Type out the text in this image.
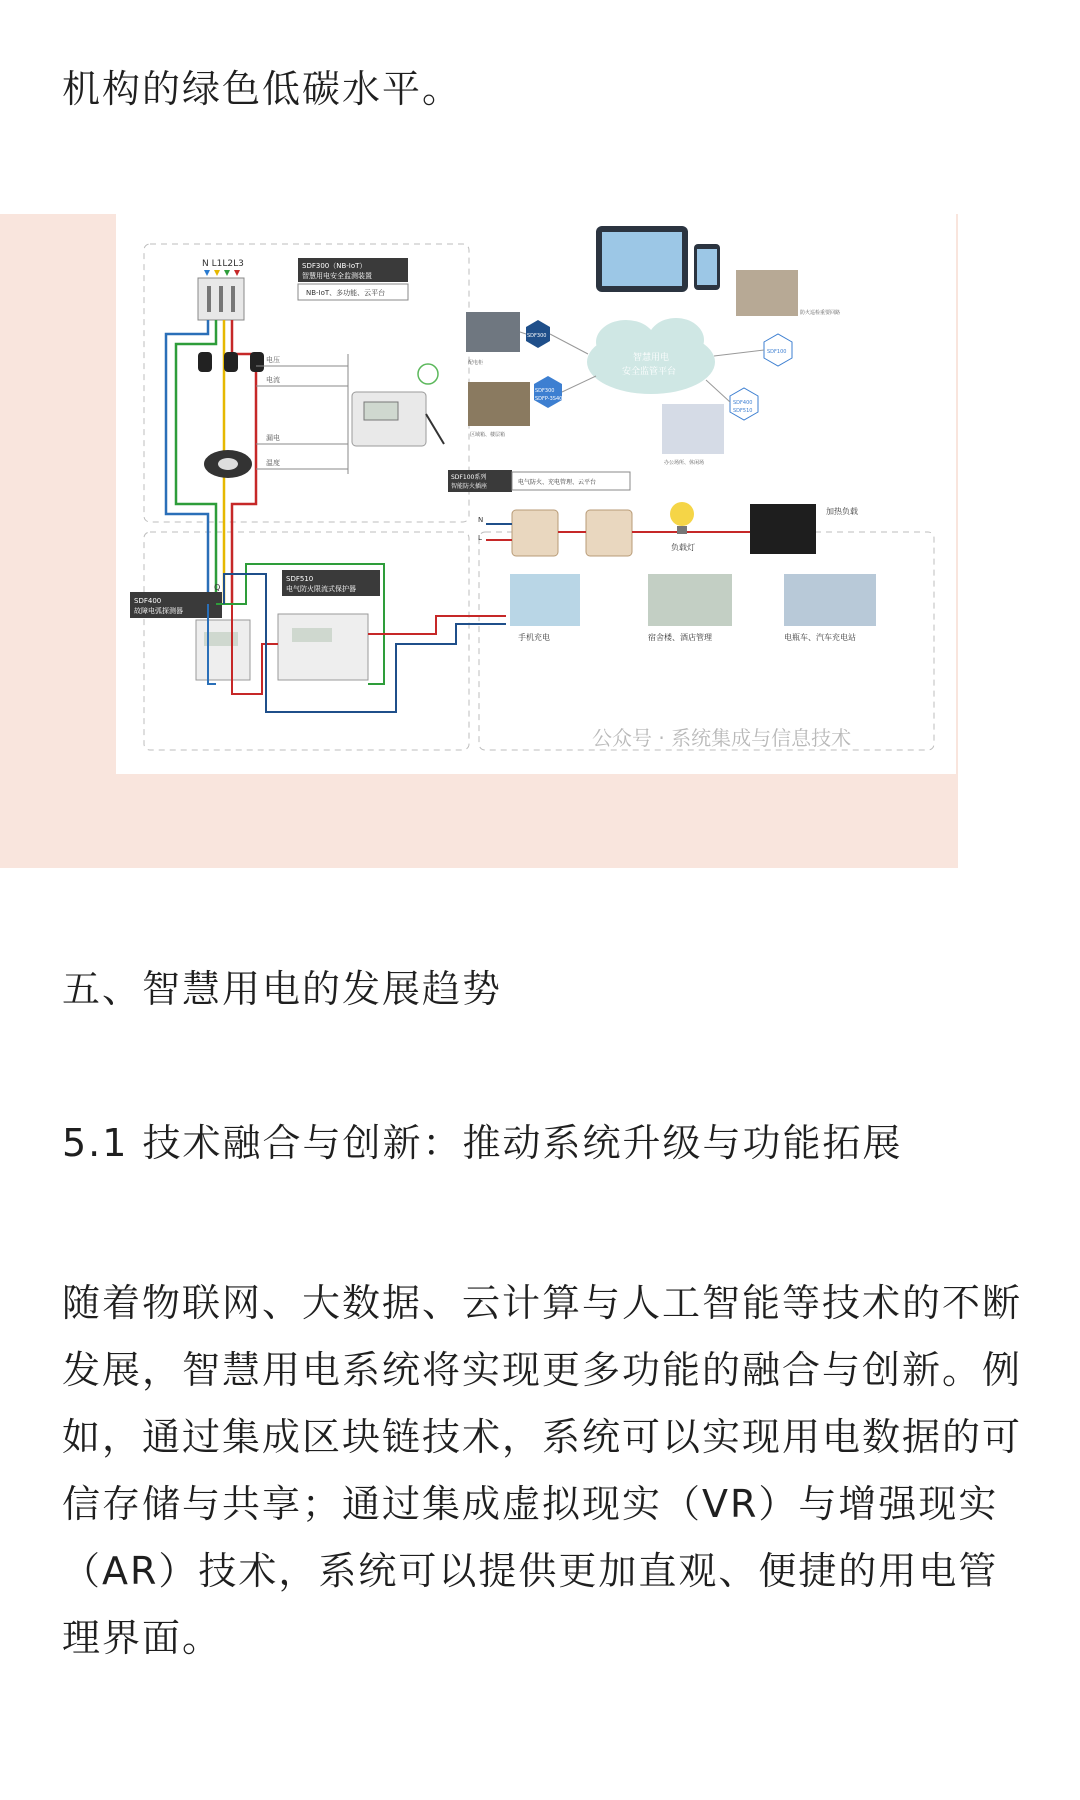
机构的绿色低碳水平。

N L1L2L3
电压
电流
漏电
温度
SDF300（NB-IoT）
智慧用电安全监测装置
NB-IoT、多功能、云平台
智慧用电
安全监管平台
SDF300
SDF300
SDFP-3S40
SDF100
SDF400
SDF510
配电柜
区域箱、楼层箱
防火巡检重要回路
办公场所、休闲场
SDF400
故障电弧探测器
SDF510
电气防火限流式保护器
Q
SDF100系列
智能防火插座
电气防火、充电管理、云平台
N
L
负载灯
加热负载
手机充电	宿舍楼、酒店管理	电瓶车、汽车充电站
公众号 · 系统集成与信息技术

五、智慧用电的发展趋势

5.1 技术融合与创新：推动系统升级与功能拓展

随着物联网、大数据、云计算与人工智能等技术的不断发展，智慧用电系统将实现更多功能的融合与创新。例如，通过集成区块链技术，系统可以实现用电数据的可信存储与共享；通过集成虚拟现实（VR）与增强现实（AR）技术，系统可以提供更加直观、便捷的用电管理界面。
